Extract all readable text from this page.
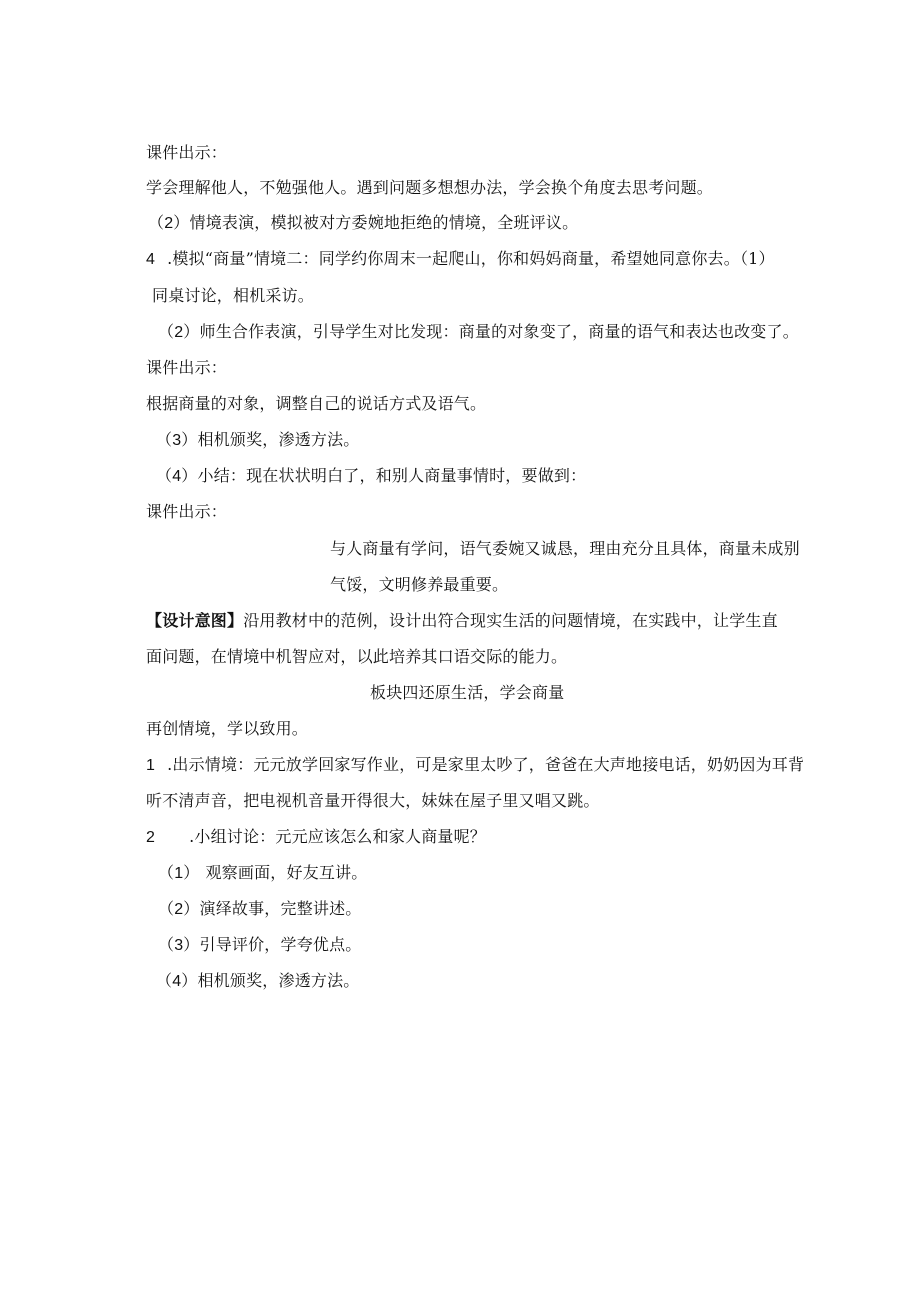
课件出示：
学会理解他人，不勉强他人。遇到问题多想想办法，学会换个角度去思考问题。
（2）情境表演，模拟被对方委婉地拒绝的情境，全班评议。
4 .模拟“商量”情境二：同学约你周末一起爬山，你和妈妈商量，希望她同意你去。（1）
同桌讨论，相机采访。
（2）师生合作表演，引导学生对比发现：商量的对象变了，商量的语气和表达也改变了。
课件出示：
根据商量的对象，调整自己的说话方式及语气。
（3）相机颁奖，渗透方法。
（4）小结：现在状状明白了，和别人商量事情时，要做到：
课件出示：
与人商量有学问，语气委婉又诚恳，理由充分且具体，商量未成别
气馁，文明修养最重要。
【设计意图】沿用教材中的范例，设计出符合现实生活的问题情境，在实践中，让学生直
面问题，在情境中机智应对，以此培养其口语交际的能力。
板块四还原生活，学会商量
再创情境，学以致用。
1 .出示情境：元元放学回家写作业，可是家里太吵了，爸爸在大声地接电话，奶奶因为耳背
听不清声音，把电视机音量开得很大，妹妹在屋子里又唱又跳。
2 .小组讨论：元元应该怎么和家人商量呢？
（1） 观察画面，好友互讲。
（2）演绎故事，完整讲述。
（3）引导评价，学夸优点。
（4）相机颁奖，渗透方法。
